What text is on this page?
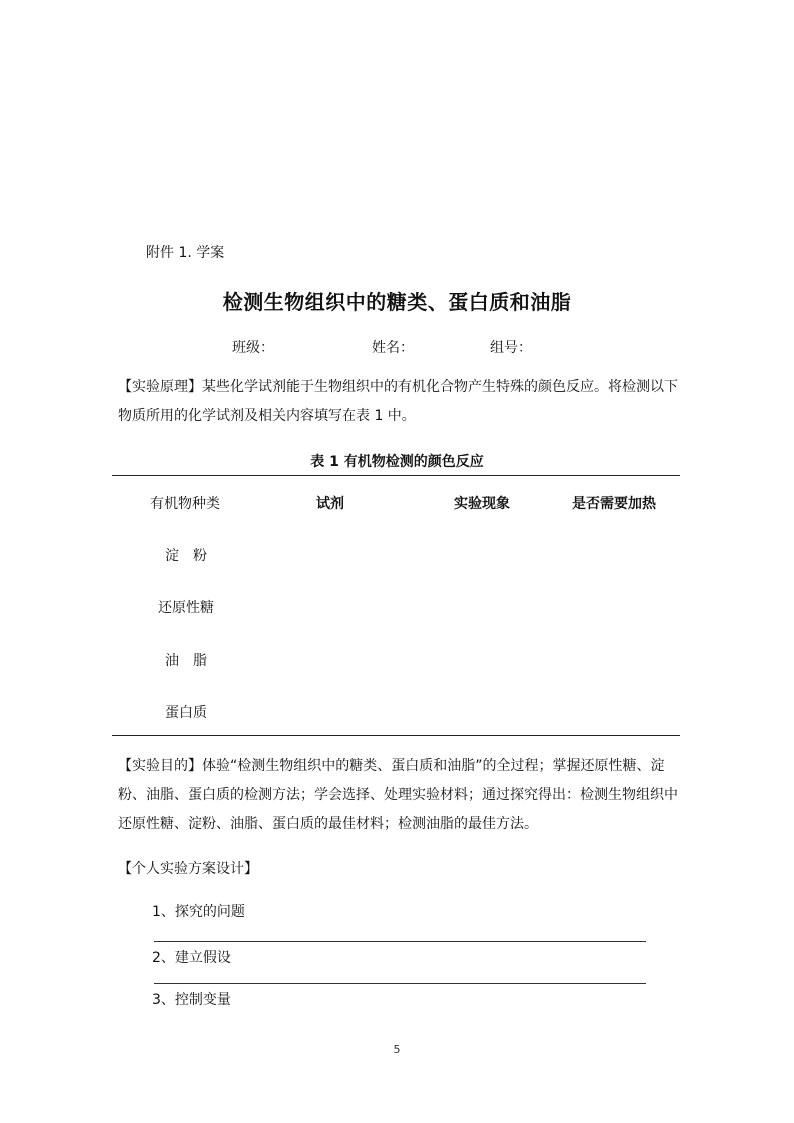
附件 1. 学案
检测生物组织中的糖类、蛋白质和油脂
班级：	姓名：	组号：
【实验原理】某些化学试剂能于生物组织中的有机化合物产生特殊的颜色反应。将检测以下物质所用的化学试剂及相关内容填写在表 1 中。
表 1 有机物检测的颜色反应
有机物种类	试剂	实验现象	是否需要加热
淀　粉
还原性糖
油　脂
蛋白质
【实验目的】体验“检测生物组织中的糖类、蛋白质和油脂”的全过程；掌握还原性糖、淀粉、油脂、蛋白质的检测方法；学会选择、处理实验材料；通过探究得出：检测生物组织中还原性糖、淀粉、油脂、蛋白质的最佳材料；检测油脂的最佳方法。
【个人实验方案设计】
1、探究的问题
2、建立假设
3、控制变量
5
